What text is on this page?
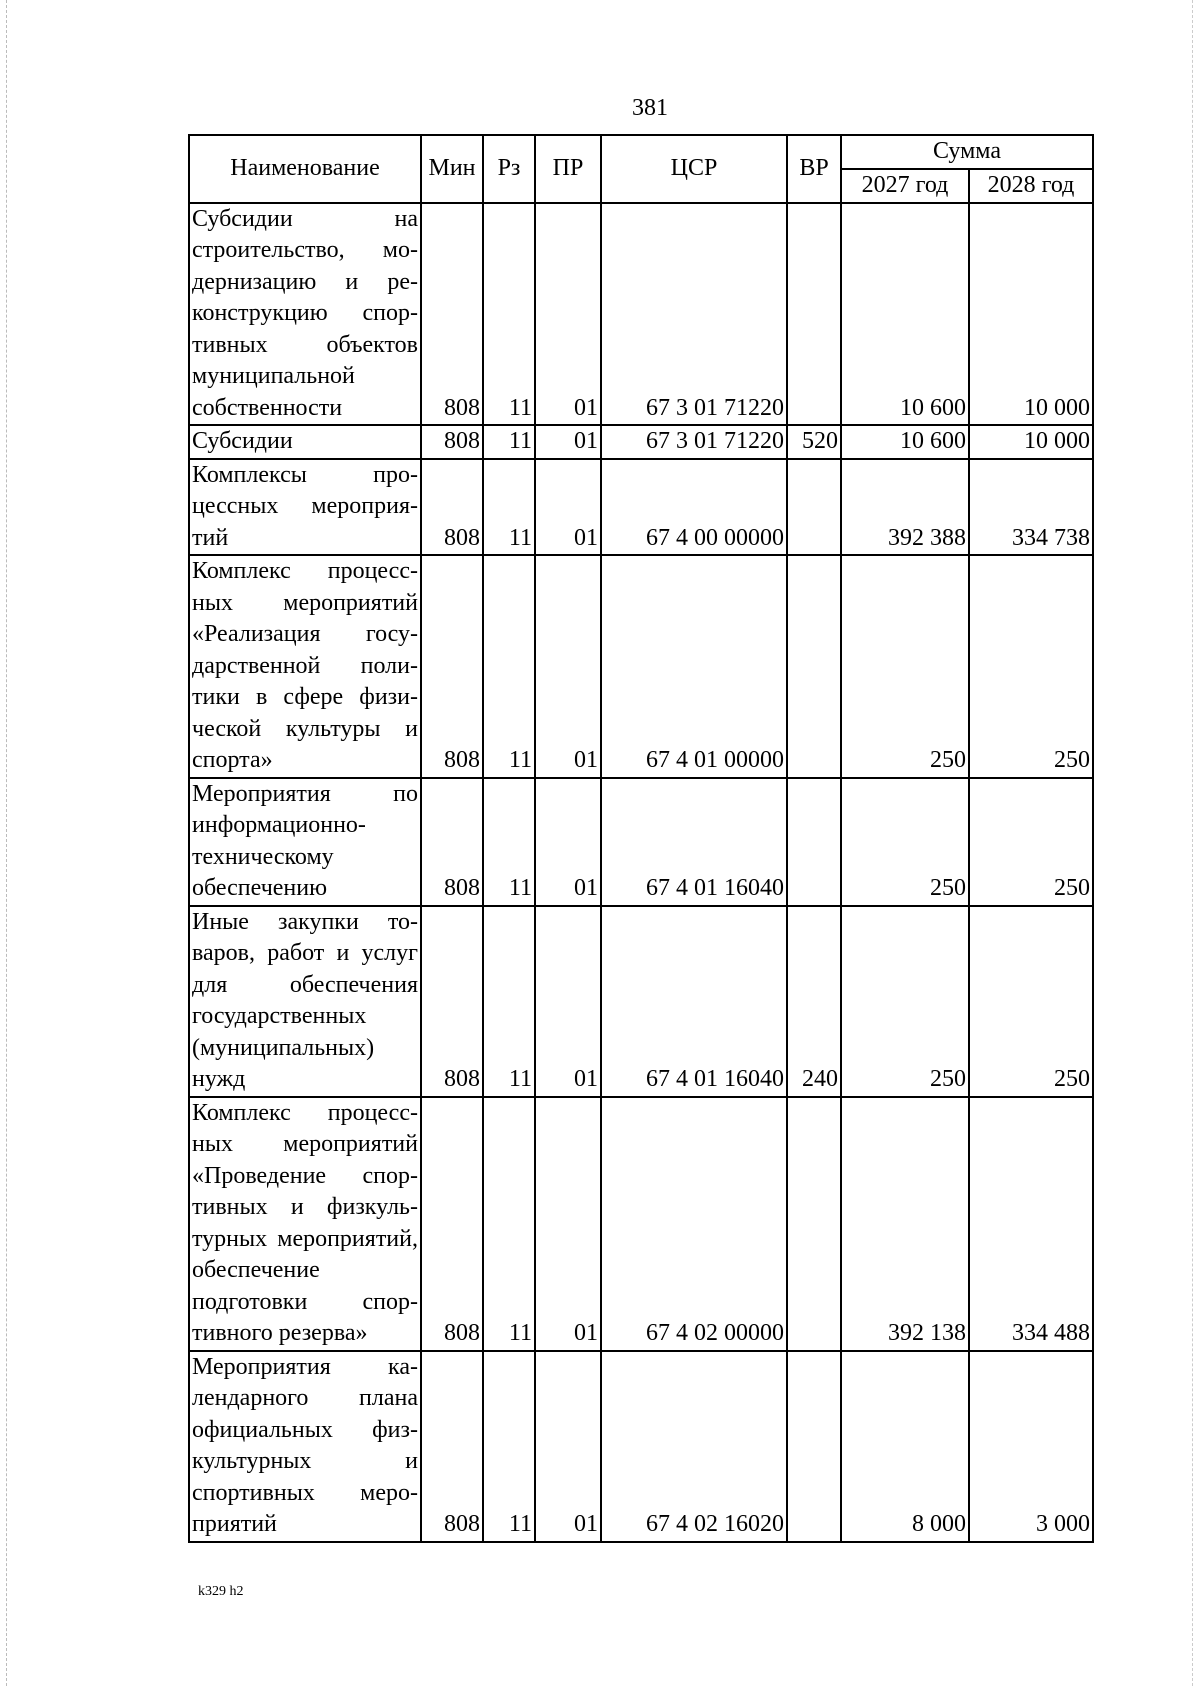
381
Наименование	Мин	Рз	ПР	ЦСР	ВР	Сумма	
						2027 год	2028 год
Субсидии на строительство, модернизацию и реконструкцию спортивных объектов муниципальной собственности	808	11	01	67 3 01 71220		10 600	10 000
Субсидии	808	11	01	67 3 01 71220	520	10 600	10 000
Комплексы процессных мероприятий	808	11	01	67 4 00 00000		392 388	334 738
Комплекс процессных мероприятий «Реализация государственной политики в сфере физической культуры и спорта»	808	11	01	67 4 01 00000		250	250
Мероприятия по информационно-техническому обеспечению	808	11	01	67 4 01 16040		250	250
Иные закупки товаров, работ и услуг для обеспечения государственных (муниципальных) нужд	808	11	01	67 4 01 16040	240	250	250
Комплекс процессных мероприятий «Проведение спортивных и физкультурных мероприятий, обеспечение подготовки спортивного резерва»	808	11	01	67 4 02 00000		392 138	334 488
Мероприятия календарного плана официальных физкультурных и спортивных мероприятий	808	11	01	67 4 02 16020		8 000	3 000
k329 h2
